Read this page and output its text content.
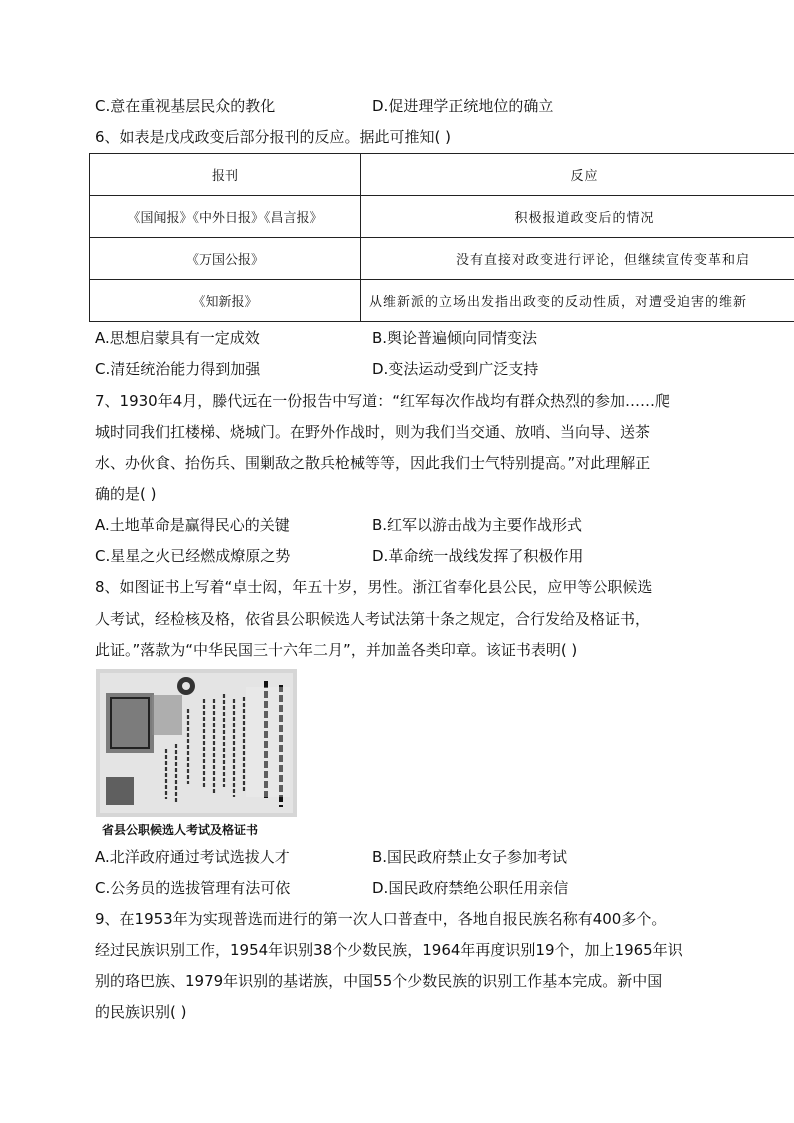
C.意在重视基层民众的教化	D.促进理学正统地位的确立
6、如表是戊戌政变后部分报刊的反应。据此可推知( )
报刊	反应
《国闻报》《中外日报》《昌言报》	积极报道政变后的情况
《万国公报》	没有直接对政变进行评论，但继续宣传变革和启
《知新报》	从维新派的立场出发指出政变的反动性质，对遭受迫害的维新
A.思想启蒙具有一定成效	B.舆论普遍倾向同情变法
C.清廷统治能力得到加强	D.变法运动受到广泛支持
7、1930年4月，滕代远在一份报告中写道：“红军每次作战均有群众热烈的参加……爬
城时同我们扛楼梯、烧城门。在野外作战时，则为我们当交通、放哨、当向导、送茶
水、办伙食、抬伤兵、围剿敌之散兵枪械等等，因此我们士气特别提高。”对此理解正
确的是( )
A.土地革命是赢得民心的关键	B.红军以游击战为主要作战形式
C.星星之火已经燃成燎原之势	D.革命统一战线发挥了积极作用
8、如图证书上写着“卓士闳，年五十岁，男性。浙江省奉化县公民，应甲等公职候选
人考试，经检核及格，依省县公职候选人考试法第十条之规定，合行发给及格证书，
此证。”落款为“中华民国三十六年二月”，并加盖各类印章。该证书表明( )
省县公职候选人考试及格证书
A.北洋政府通过考试选拔人才	B.国民政府禁止女子参加考试
C.公务员的选拔管理有法可依	D.国民政府禁绝公职任用亲信
9、在1953年为实现普选而进行的第一次人口普查中，各地自报民族名称有400多个。
经过民族识别工作，1954年识别38个少数民族，1964年再度识别19个，加上1965年识
别的珞巴族、1979年识别的基诺族，中国55个少数民族的识别工作基本完成。新中国
的民族识别( )
